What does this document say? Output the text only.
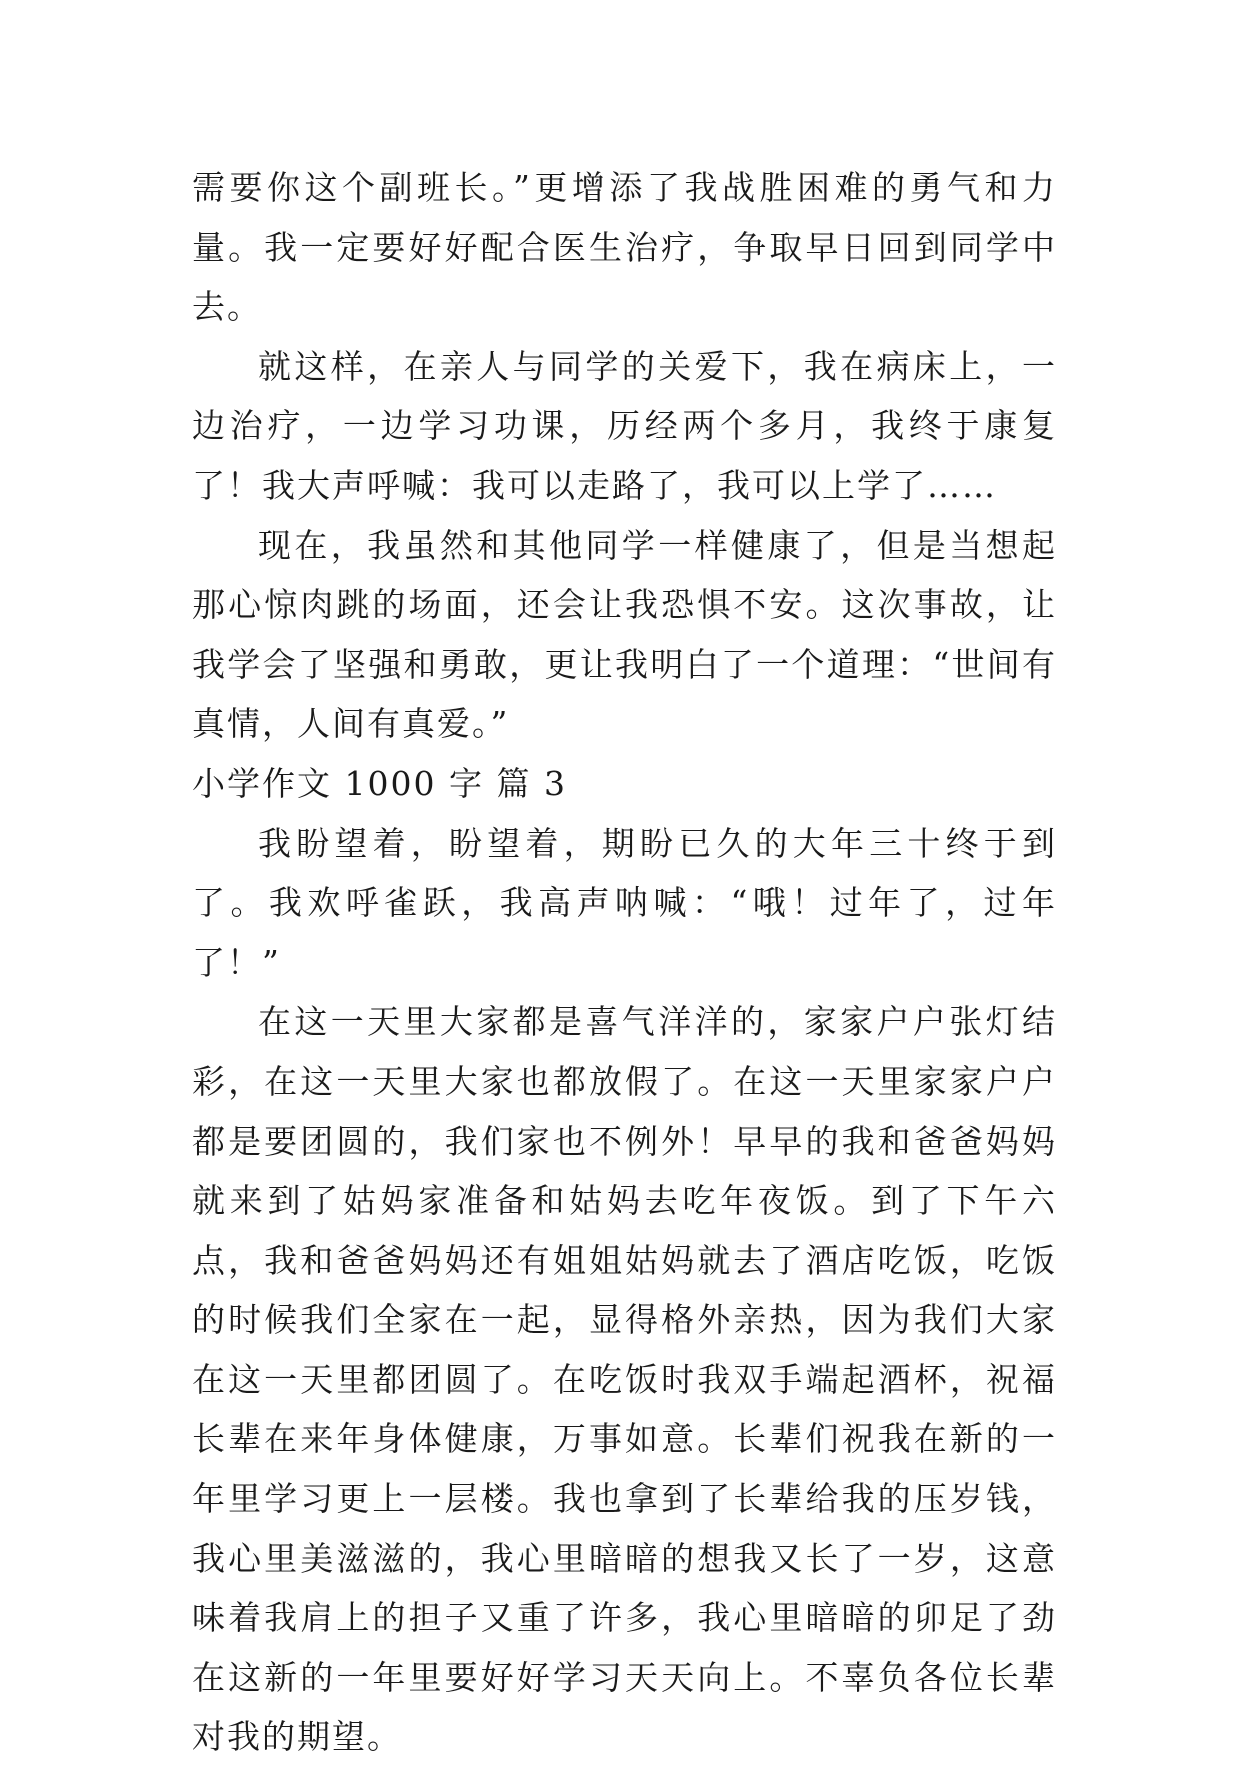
需要你这个副班长。”更增添了我战胜困难的勇气和力量。我一定要好好配合医生治疗，争取早日回到同学中去。

就这样，在亲人与同学的关爱下，我在病床上，一边治疗，一边学习功课，历经两个多月，我终于康复了！我大声呼喊：我可以走路了，我可以上学了……

现在，我虽然和其他同学一样健康了，但是当想起那心惊肉跳的场面，还会让我恐惧不安。这次事故，让我学会了坚强和勇敢，更让我明白了一个道理：“世间有真情，人间有真爱。”

小学作文 1000 字 篇 3

我盼望着，盼望着，期盼已久的大年三十终于到了。我欢呼雀跃，我高声呐喊：“哦！过年了，过年了！”

在这一天里大家都是喜气洋洋的，家家户户张灯结彩，在这一天里大家也都放假了。在这一天里家家户户都是要团圆的，我们家也不例外！早早的我和爸爸妈妈就来到了姑妈家准备和姑妈去吃年夜饭。到了下午六点，我和爸爸妈妈还有姐姐姑妈就去了酒店吃饭，吃饭的时候我们全家在一起，显得格外亲热，因为我们大家在这一天里都团圆了。在吃饭时我双手端起酒杯，祝福长辈在来年身体健康，万事如意。长辈们祝我在新的一年里学习更上一层楼。我也拿到了长辈给我的压岁钱，我心里美滋滋的，我心里暗暗的想我又长了一岁，这意味着我肩上的担子又重了许多，我心里暗暗的卯足了劲在这新的一年里要好好学习天天向上。不辜负各位长辈对我的期望。
